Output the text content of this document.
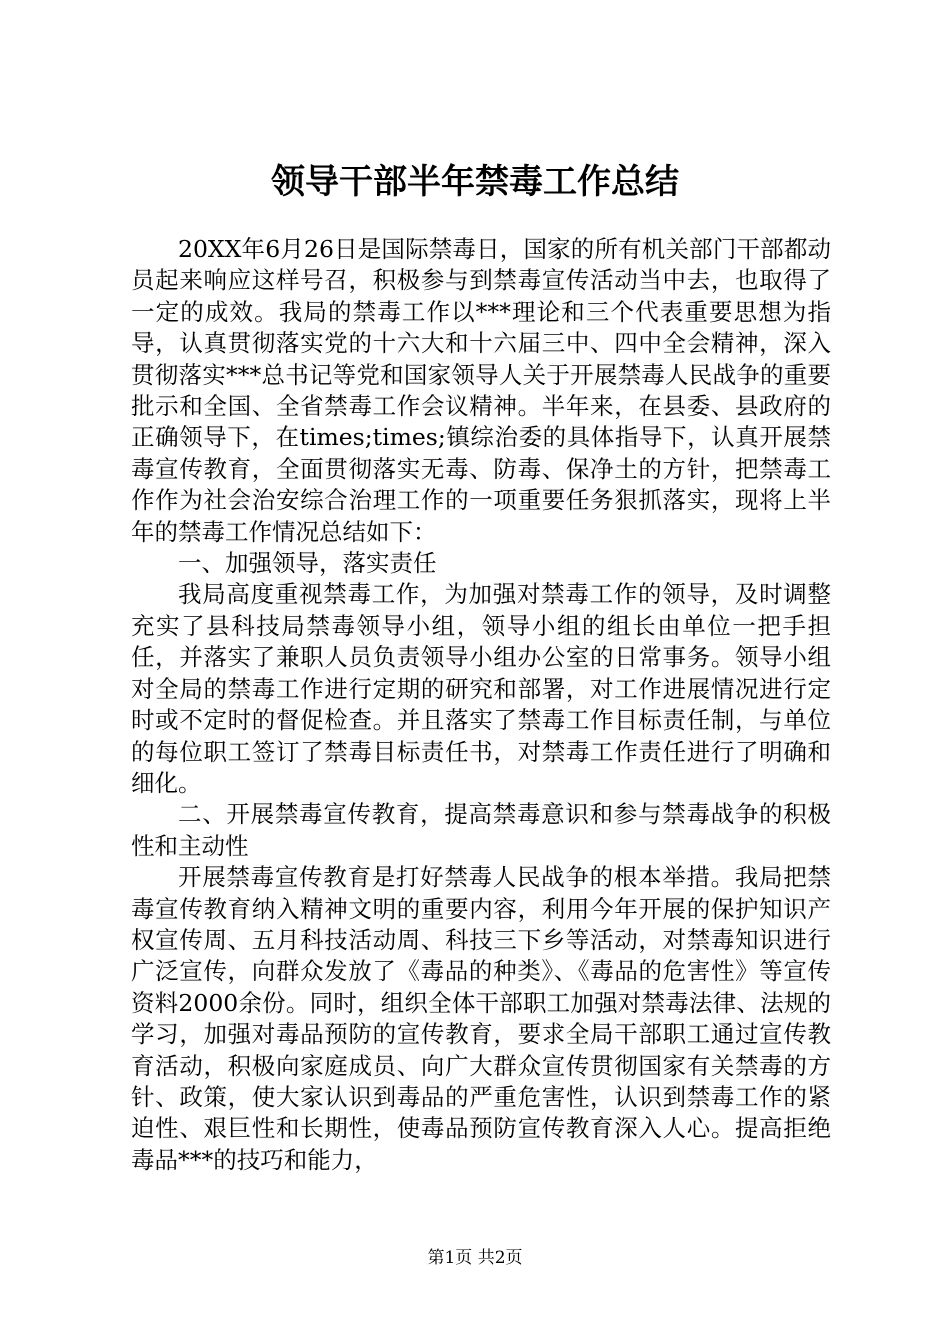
领导干部半年禁毒工作总结

20XX年6月26日是国际禁毒日，国家的所有机关部门干部都动员起来响应这样号召，积极参与到禁毒宣传活动当中去，也取得了一定的成效。我局的禁毒工作以***理论和三个代表重要思想为指导，认真贯彻落实党的十六大和十六届三中、四中全会精神，深入贯彻落实***总书记等党和国家领导人关于开展禁毒人民战争的重要批示和全国、全省禁毒工作会议精神。半年来，在县委、县政府的正确领导下，在times;times;镇综治委的具体指导下，认真开展禁毒宣传教育，全面贯彻落实无毒、防毒、保净土的方针，把禁毒工作作为社会治安综合治理工作的一项重要任务狠抓落实，现将上半年的禁毒工作情况总结如下：

一、加强领导，落实责任

我局高度重视禁毒工作，为加强对禁毒工作的领导，及时调整充实了县科技局禁毒领导小组，领导小组的组长由单位一把手担任，并落实了兼职人员负责领导小组办公室的日常事务。领导小组对全局的禁毒工作进行定期的研究和部署，对工作进展情况进行定时或不定时的督促检查。并且落实了禁毒工作目标责任制，与单位的每位职工签订了禁毒目标责任书，对禁毒工作责任进行了明确和细化。

二、开展禁毒宣传教育，提高禁毒意识和参与禁毒战争的积极性和主动性

开展禁毒宣传教育是打好禁毒人民战争的根本举措。我局把禁毒宣传教育纳入精神文明的重要内容，利用今年开展的保护知识产权宣传周、五月科技活动周、科技三下乡等活动，对禁毒知识进行广泛宣传，向群众发放了《毒品的种类》、《毒品的危害性》等宣传资料2000余份。同时，组织全体干部职工加强对禁毒法律、法规的学习，加强对毒品预防的宣传教育，要求全局干部职工通过宣传教育活动，积极向家庭成员、向广大群众宣传贯彻国家有关禁毒的方针、政策，使大家认识到毒品的严重危害性，认识到禁毒工作的紧迫性、艰巨性和长期性，使毒品预防宣传教育深入人心。提高拒绝毒品***的技巧和能力，

第1页 共2页
